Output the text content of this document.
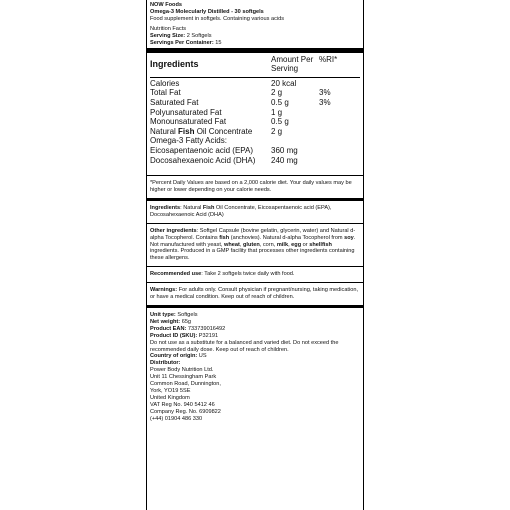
NOW Foods
Omega-3 Molecularly Distilled - 30 softgels
Food supplement in softgels. Containing various acids
Nutrition Facts
Serving Size: 2 Softgels
Servings Per Container: 15
Ingredients	Amount Per Serving	%RI*
Calories	20 kcal	
Total Fat	2 g	3%
Saturated Fat	0.5 g	3%
Polyunsaturated Fat	1 g	
Monounsaturated Fat	0.5 g	
Natural Fish Oil Concentrate	2 g	
Omega-3 Fatty Acids:		
Eicosapentaenoic acid (EPA)	360 mg	
Docosahexaenoic Acid (DHA)	240 mg	
*Percent Daily Values are based on a 2,000 calorie diet. Your daily values may be higher or lower depending on your calorie needs.
Ingredients: Natural Fish Oil Concentrate, Eicosapentaenoic acid (EPA), Docosahexaenoic Acid (DHA)
Other ingredients: Softgel Capsule (bovine gelatin, glycerin, water) and Natural d-alpha Tocopherol. Contains fish (anchovies). Natural d-alpha Tocopherol from soy. Not manufactured with yeast, wheat, gluten, corn, milk, egg or shellfish ingredients. Produced in a GMP facility that processes other ingredients containing these allergens.
Recommended use: Take 2 softgels twice daily with food.
Warnings: For adults only. Consult physician if pregnant/nursing, taking medication, or have a medical condition. Keep out of reach of children.
Unit type: Softgels
Net weight: 65g
Product EAN: 733739016492
Product ID (SKU): P32191
Do not use as a substitute for a balanced and varied diet. Do not exceed the recommended daily dose. Keep out of reach of children.
Country of origin: US
Distributor:
Power Body Nutrition Ltd.
Unit 11 Chessingham Park
Common Road, Dunnington,
York, YO19 5SE
United Kingdom
VAT Reg No. 940 5412 46
Company Reg. No. 6909822
(+44) 01904 486 330
